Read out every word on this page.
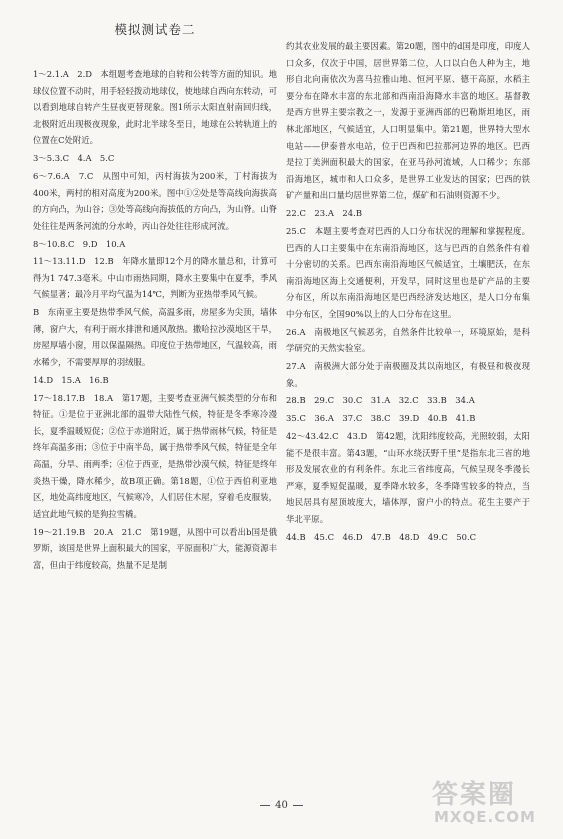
模拟测试卷二

1～2.1.A　2.D　本组题考查地球的自转和公转等方面的知识。地球仪位置不动时，用手轻轻拨动地球仪，使地球自西向东转动，可以看到地球自转产生昼夜更替现象。图1所示太阳直射南回归线，北极附近出现极夜现象，此时北半球冬至日，地球在公转轨道上的位置在C处附近。

3～5.3.C　4.A　5.C

6～7.6.A　7.C　从图中可知，丙村海拔为200米，丁村海拔为400米，两村的相对高度为200米。图中①②处是等高线向海拔高的方向凸，为山谷；③处等高线向海拔低的方向凸，为山脊。山脊处往往是两条河流的分水岭，丙山谷处往往形成河流。

8～10.8.C　9.D　10.A

11～13.11.D　12.B　年降水量即12个月的降水量总和，计算可得为1 747.3毫米。中山市雨热同期，降水主要集中在夏季，季风气候显著；最冷月平均气温为14℃，判断为亚热带季风气候。

B　东南亚主要是热带季风气候，高温多雨，房屋多为尖顶，墙体薄，窗户大，有利于雨水排泄和通风散热。撒哈拉沙漠地区干旱，房屋厚墙小窗，用以保温隔热。印度位于热带地区，气温较高，雨水稀少，不需要厚厚的羽绒服。

14.D　15.A　16.B

17～18.17.B　18.A　第17题，主要考查亚洲气候类型的分布和特征。①是位于亚洲北部的温带大陆性气候，特征是冬季寒冷漫长，夏季温暖短促；②位于赤道附近，属于热带雨林气候，特征是终年高温多雨；③位于中南半岛，属于热带季风气候，特征是全年高温，分旱、雨两季；④位于西亚，是热带沙漠气候，特征是终年炎热干燥，降水稀少，故B项正确。第18题，①位于西伯利亚地区，地处高纬度地区，气候寒冷，人们居住木屋，穿着毛皮服装，适宜此地气候的是狗拉雪橇。

19～21.19.B　20.A　21.C　第19题，从图中可以看出b国是俄罗斯，该国是世界上面积最大的国家，平原面积广大，能源资源丰富，但由于纬度较高，热量不足是制

约其农业发展的最主要因素。第20题，图中的d国是印度，印度人口众多，仅次于中国，居世界第二位，人口以白色人种为主，地形自北向南依次为喜马拉雅山地、恒河平原、德干高原，水稻主要分布在降水丰富的东北部和西南沿海降水丰富的地区。基督教是西方世界主要宗教之一，发源于亚洲西部的巴勒斯坦地区，雨林北部地区，气候适宜，人口明显集中。第21题，世界特大型水电站——伊泰普水电站，位于巴西和巴拉那河边界的地区。巴西是拉丁美洲面积最大的国家，在亚马孙河流域，人口稀少；东部沿海地区，城市和人口众多，是世界工业发达的国家；巴西的铁矿产量和出口量均居世界第二位，煤矿和石油则资源不少。

22.C　23.A　24.B

25.C　本题主要考查对巴西的人口分布状况的理解和掌握程度。巴西的人口主要集中在东南沿海地区，这与巴西的自然条件有着十分密切的关系。巴西东南沿海地区气候适宜，土壤肥沃，在东南沿海地区海上交通便利，开发早，同时这里也是矿产品的主要分布区，所以东南沿海地区是巴西经济发达地区，是人口分布集中分布区，全国90%以上的人口分布在这里。

26.A　南极地区气候恶劣，自然条件比较单一，环境原始，是科学研究的天然实验室。

27.A　南极洲大部分处于南极圈及其以南地区，有极昼和极夜现象。

28.B　29.C　30.C　31.A　32.C　33.B　34.A

35.C　36.A　37.C　38.C　39.D　40.B　41.B

42～43.42.C　43.D　第42题，沈阳纬度较高，光照较弱，太阳能不是很丰富。第43题，“山环水绕沃野千里”是指东北三省的地形及发展农业的有利条件。东北三省纬度高，气候呈现冬季漫长严寒，夏季短促温暖，夏季降水较多，冬季降雪较多的特点，当地民居具有屋顶坡度大，墙体厚，窗户小的特点。花生主要产于华北平原。

44.B　45.C　46.D　47.B　48.D　49.C　50.C

40	答案圈
MXQE.COM
